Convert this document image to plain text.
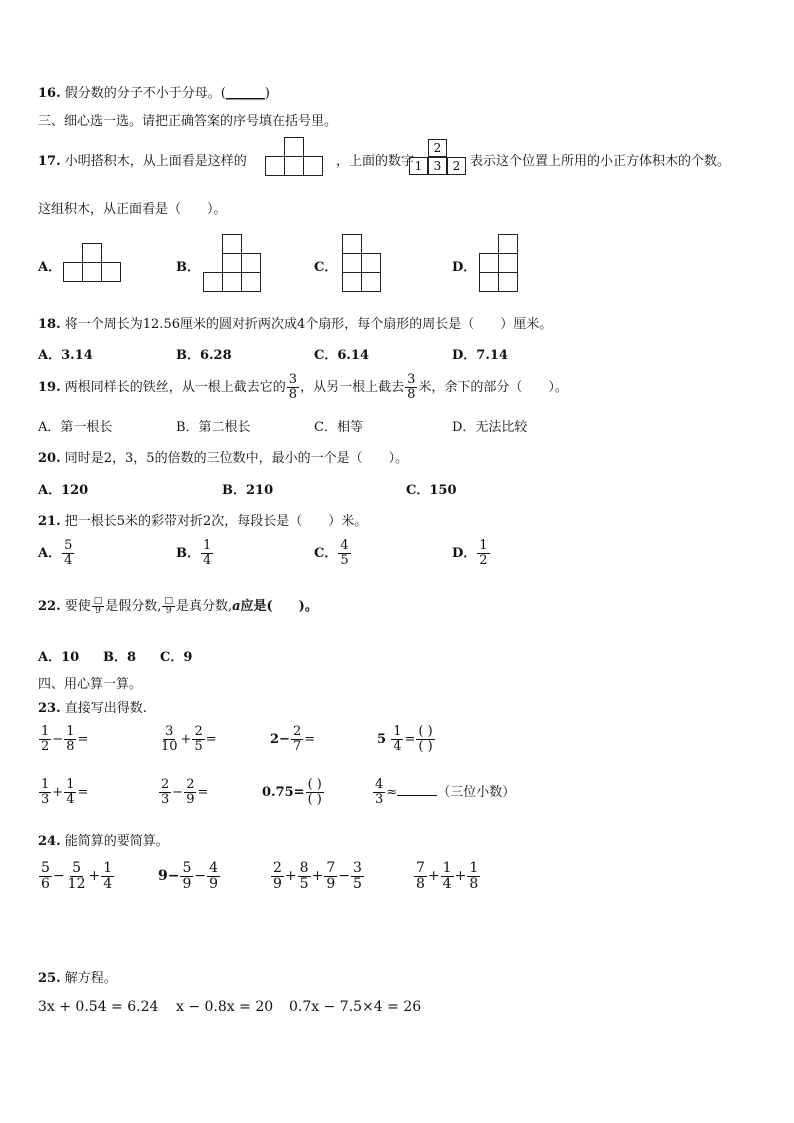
16. 假分数的分子不小于分母。(______)
三、细心选一选。请把正确答案的序号填在括号里。
17. 小明搭积木，从上面看是这样的	，上面的数字
2
1 3 2 表示这个位置上所用的小正方体积木的个数。
这组积木，从正面看是（　　）。
A．	B．	C．	D．
18. 将一个周长为12.56厘米的圆对折两次成4个扇形，每个扇形的周长是（　　）厘米。
A．3.14	B．6.28	C．6.14	D．7.14
19. 两根同样长的铁丝，从一根上截去它的 $\frac{3}{8}$ ，从另一根上截去 $\frac{3}{8}$ 米，余下的部分（　　）。
A．第一根长	B．第二根长	C．相等	D．无法比较
20. 同时是2，3，5的倍数的三位数中，最小的一个是（　　）。
A．120	B．210	C．150
21. 把一根长5米的彩带对折2次，每段长是（　　）米。
A． $\frac{5}{4}$	B． $\frac{1}{4}$	C． $\frac{4}{5}$	D． $\frac{1}{2}$
22. 要使 $\frac{□}{9}$ 是假分数, $\frac{□}{9}$ 是真分数,a应是(　　)。
A．10 B．8 C．9
四、用心算一算。
23. 直接写出得数.
$\frac{1}{2} - \frac{1}{8}$ =	$\frac{3}{10} + \frac{2}{5}$ =	$2- \frac{2}{7}$ =	$5 \frac{1}{4} = \frac{( )}{( )}$
$\frac{1}{3} + \frac{1}{4}$ =	$\frac{2}{3} - \frac{2}{9}$ =	$0.75= \frac{( )}{( )}$	$\frac{4}{3}$ ≈	（三位小数）
24. 能简算的要简算。
$\frac{5}{6} - \frac{5}{12} + \frac{1}{4}$	$9- \frac{5}{9} - \frac{4}{9}$	$\frac{2}{9} + \frac{8}{5} + \frac{7}{9} - \frac{3}{5}$	$\frac{7}{8} + \frac{1}{4} + \frac{1}{8}$
25. 解方程。
3x + 0.54 = 6.24 x − 0.8x = 20 0.7x − 7.5×4 = 26
